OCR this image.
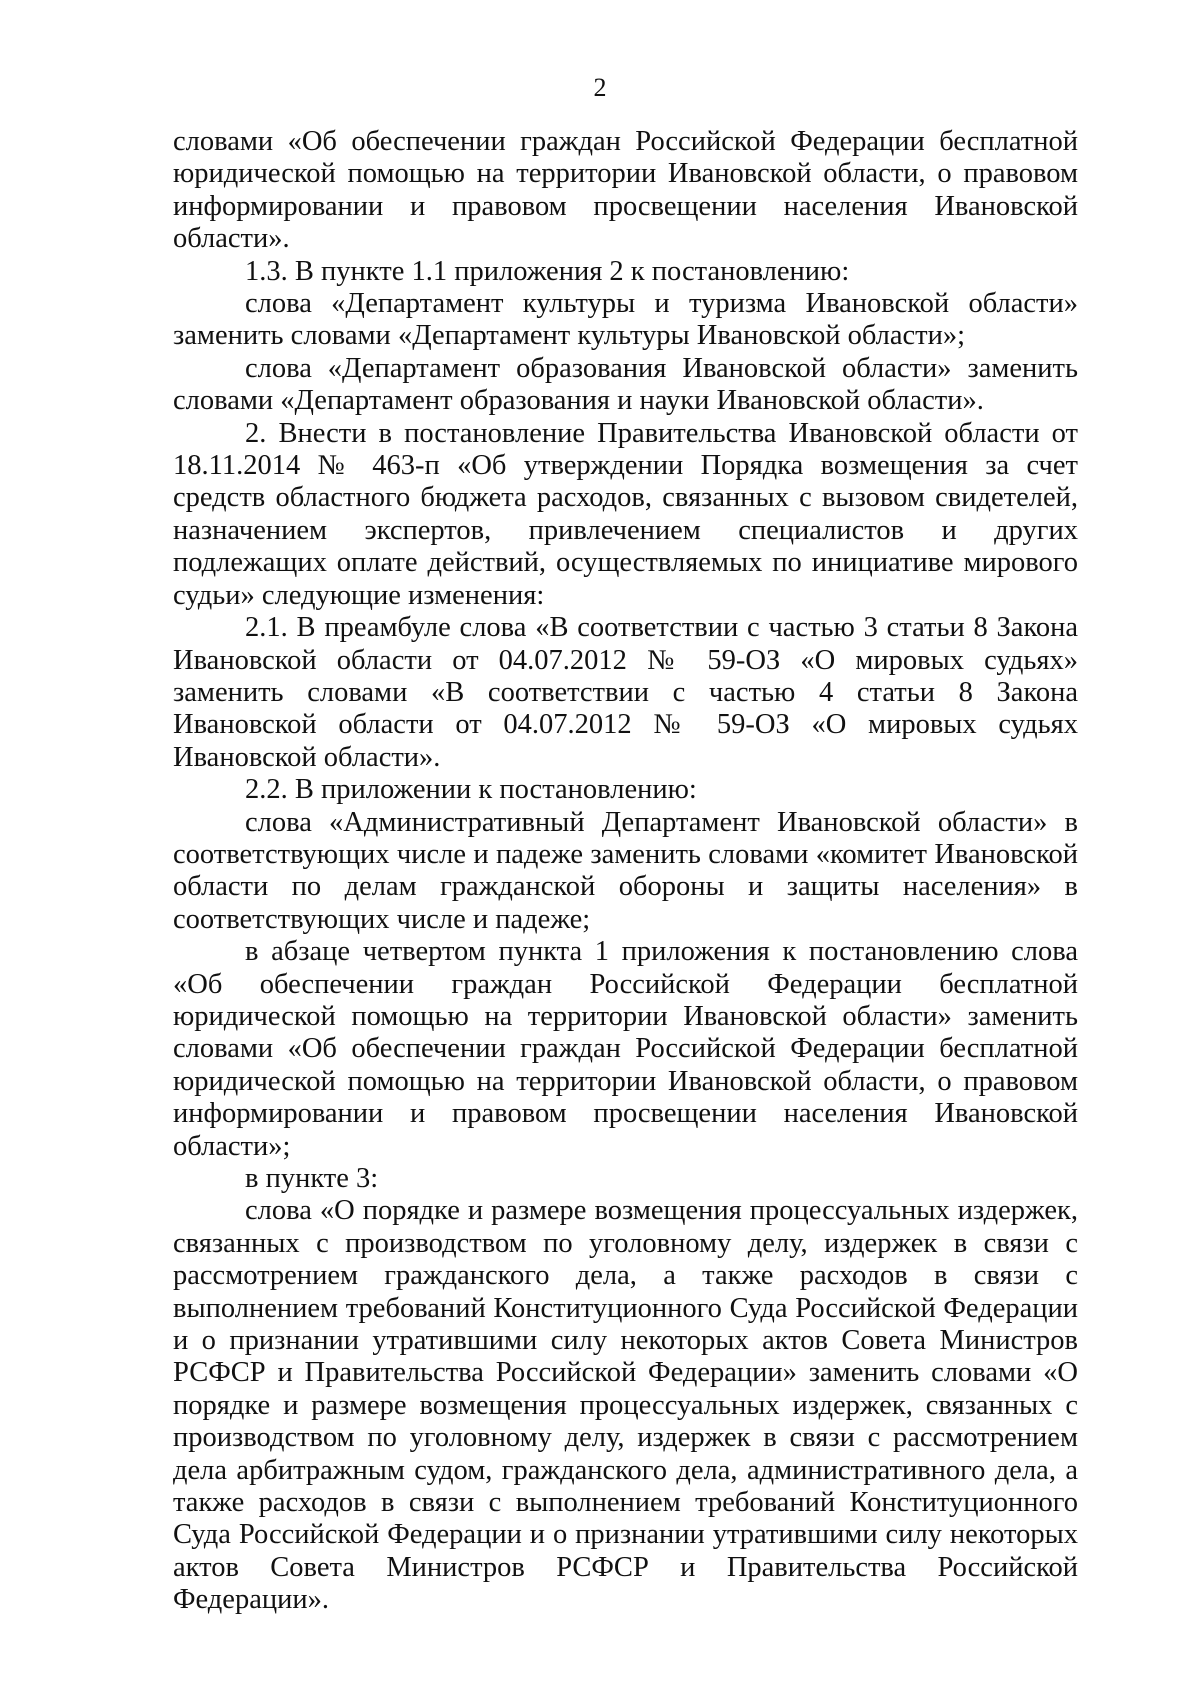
2

словами «Об обеспечении граждан Российской Федерации бесплатной юридической помощью на территории Ивановской области, о правовом информировании и правовом просвещении населения Ивановской области».

1.3. В пункте 1.1 приложения 2 к постановлению:

слова «Департамент культуры и туризма Ивановской области» заменить словами «Департамент культуры Ивановской области»;

слова «Департамент образования Ивановской области» заменить словами «Департамент образования и науки Ивановской области».

2. Внести в постановление Правительства Ивановской области от 18.11.2014 № 463-п «Об утверждении Порядка возмещения за счет средств областного бюджета расходов, связанных с вызовом свидетелей, назначением экспертов, привлечением специалистов и других подлежащих оплате действий, осуществляемых по инициативе мирового судьи» следующие изменения:

2.1. В преамбуле слова «В соответствии с частью 3 статьи 8 Закона Ивановской области от 04.07.2012 № 59-ОЗ «О мировых судьях» заменить словами «В соответствии с частью 4 статьи 8 Закона Ивановской области от 04.07.2012 № 59-ОЗ «О мировых судьях Ивановской области».

2.2. В приложении к постановлению:

слова «Административный Департамент Ивановской области» в соответствующих числе и падеже заменить словами «комитет Ивановской области по делам гражданской обороны и защиты населения» в соответствующих числе и падеже;

в абзаце четвертом пункта 1 приложения к постановлению слова «Об обеспечении граждан Российской Федерации бесплатной юридической помощью на территории Ивановской области» заменить словами «Об обеспечении граждан Российской Федерации бесплатной юридической помощью на территории Ивановской области, о правовом информировании и правовом просвещении населения Ивановской области»;

в пункте 3:

слова «О порядке и размере возмещения процессуальных издержек, связанных с производством по уголовному делу, издержек в связи с рассмотрением гражданского дела, а также расходов в связи с выполнением требований Конституционного Суда Российской Федерации и о признании утратившими силу некоторых актов Совета Министров РСФСР и Правительства Российской Федерации» заменить словами «О порядке и размере возмещения процессуальных издержек, связанных с производством по уголовному делу, издержек в связи с рассмотрением дела арбитражным судом, гражданского дела, административного дела, а также расходов в связи с выполнением требований Конституционного Суда Российской Федерации и о признании утратившими силу некоторых актов Совета Министров РСФСР и Правительства Российской Федерации».
